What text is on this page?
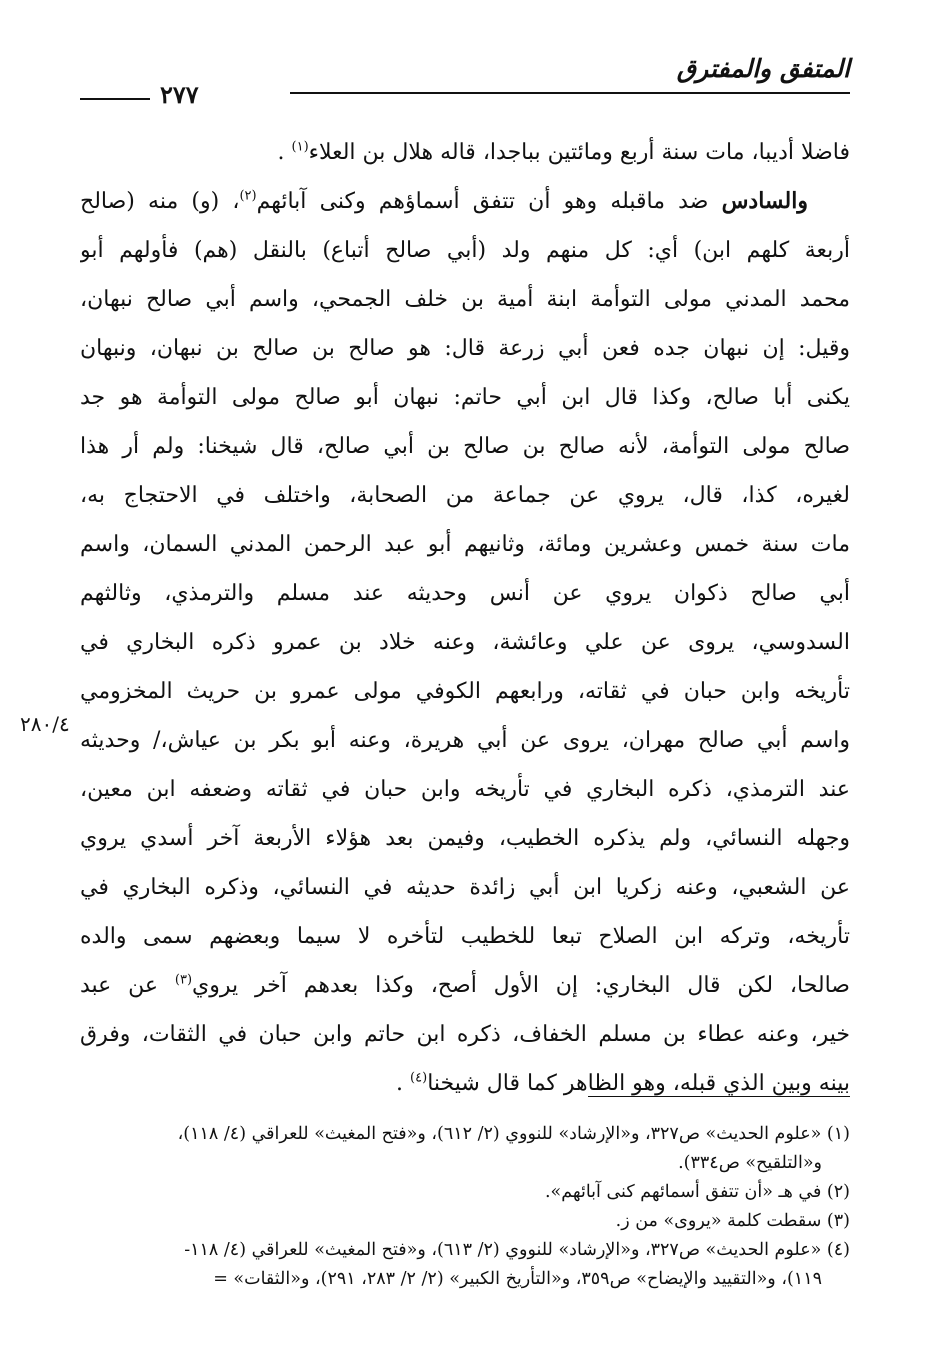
المتفق والمفترق
٢٧٧
٢٨٠/٤

فاضلا أديبا، مات سنة أربع ومائتين بباجدا، قاله هلال بن العلاء$^{(١)}$ .

والسادس ضد ماقبله وهو أن تتفق أسماؤهم وكنى آبائهم$^{(٢)}$، (و) منه (صالح
أربعة كلهم ابن) أي: كل منهم ولد (أبي صالح أتباع) بالنقل (هم) فأولهم أبو
محمد المدني مولى التوأمة ابنة أمية بن خلف الجمحي، واسم أبي صالح نبهان،
وقيل: إن نبهان جده فعن أبي زرعة قال: هو صالح بن صالح بن نبهان، ونبهان
يكنى أبا صالح، وكذا قال ابن أبي حاتم: نبهان أبو صالح مولى التوأمة هو جد
صالح مولى التوأمة، لأنه صالح بن صالح بن أبي صالح، قال شيخنا: ولم أر هذا
لغيره، كذا، قال، يروي عن جماعة من الصحابة، واختلف في الاحتجاج به،
مات سنة خمس وعشرين ومائة، وثانيهم أبو عبد الرحمن المدني السمان، واسم
أبي صالح ذكوان يروي عن أنس وحديثه عند مسلم والترمذي، وثالثهم
السدوسي، يروى عن علي وعائشة، وعنه خلاد بن عمرو ذكره البخاري في
تأريخه وابن حبان في ثقاته، ورابعهم الكوفي مولى عمرو بن حريث المخزومي
واسم أبي صالح مهران، يروى عن أبي هريرة، وعنه أبو بكر بن عياش،/ وحديثه
عند الترمذي، ذكره البخاري في تأريخه وابن حبان في ثقاته وضعفه ابن معين،
وجهله النسائي، ولم يذكره الخطيب، وفيمن بعد هؤلاء الأربعة آخر أسدي يروي
عن الشعبي، وعنه زكريا ابن أبي زائدة حديثه في النسائي، وذكره البخاري في
تأريخه، وتركه ابن الصلاح تبعا للخطيب لتأخره لا سيما وبعضهم سمى والده
صالحا، لكن قال البخاري: إن الأول أصح، وكذا بعدهم آخر يروي$^{(٣)}$ عن عبد
خير، وعنه عطاء بن مسلم الخفاف، ذكره ابن حاتم وابن حبان في الثقات، وفرق
بينه وبين الذي قبله، وهو الظاهر كما قال شيخنا$^{(٤)}$ .

(١) «علوم الحديث» ص٣٢٧، و«الإرشاد» للنووي (٢/ ٦١٢)، و«فتح المغيث» للعراقي (٤/ ١١٨)،
و«التلقيح» ص٣٣٤).
(٢) في هـ «أن تتفق أسمائهم كنى آبائهم».
(٣) سقطت كلمة «يروى» من ز.
(٤) «علوم الحديث» ص٣٢٧، و«الإرشاد» للنووي (٢/ ٦١٣)، و«فتح المغيث» للعراقي (٤/ ١١٨-
١١٩)، و«التقييد والإيضاح» ص٣٥٩، و«التأريخ الكبير» (٢/ ٢/ ٢٨٣، ٢٩١)، و«الثقات» =
